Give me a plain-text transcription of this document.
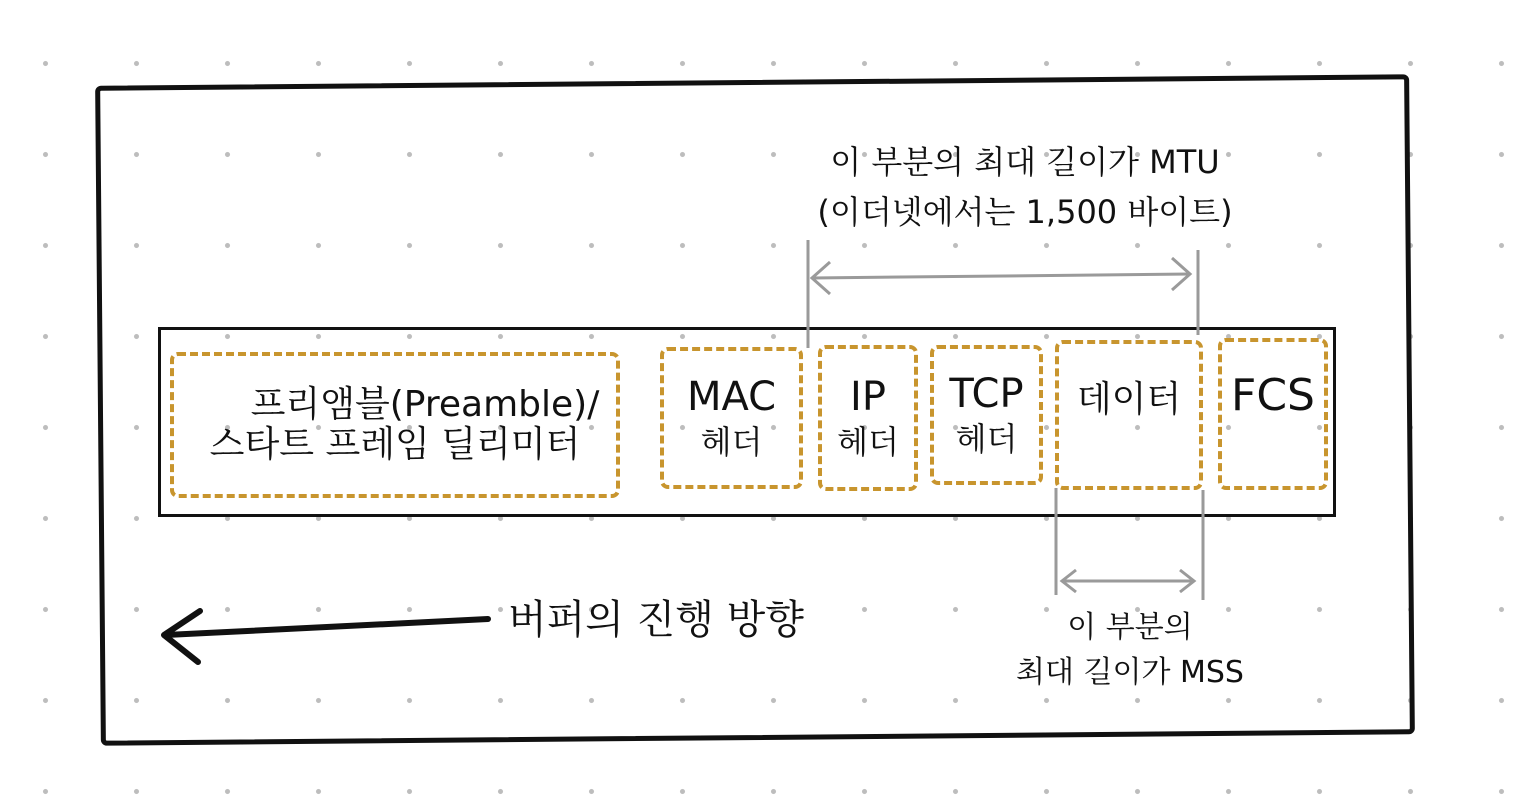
이 부분의 최대 길이가 MTU
(이더넷에서는 1,500 바이트)
프리앰블(Preamble)/
스타트 프레임 딜리미터
MAC
헤더
IP
헤더
TCP
헤더
데이터 FCS
버퍼의 진행 방향	이 부분의
최대 길이가 MSS
